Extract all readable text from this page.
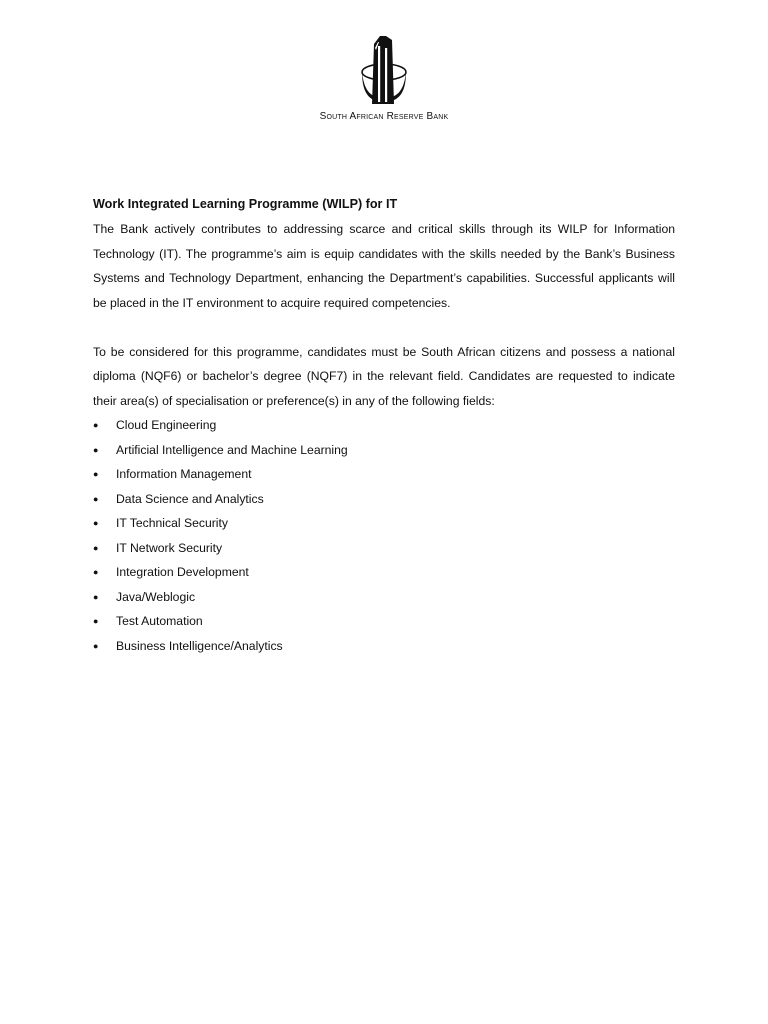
South African Reserve Bank

Work Integrated Learning Programme (WILP) for IT

The Bank actively contributes to addressing scarce and critical skills through its WILP for Information Technology (IT). The programme’s aim is equip candidates with the skills needed by the Bank’s Business Systems and Technology Department, enhancing the Department’s capabilities. Successful applicants will be placed in the IT environment to acquire required competencies.

To be considered for this programme, candidates must be South African citizens and possess a national diploma (NQF6) or bachelor’s degree (NQF7) in the relevant field. Candidates are requested to indicate their area(s) of specialisation or preference(s) in any of the following fields:

● Cloud Engineering
● Artificial Intelligence and Machine Learning
● Information Management
● Data Science and Analytics
● IT Technical Security
● IT Network Security
● Integration Development
● Java/Weblogic
● Test Automation
● Business Intelligence/Analytics
